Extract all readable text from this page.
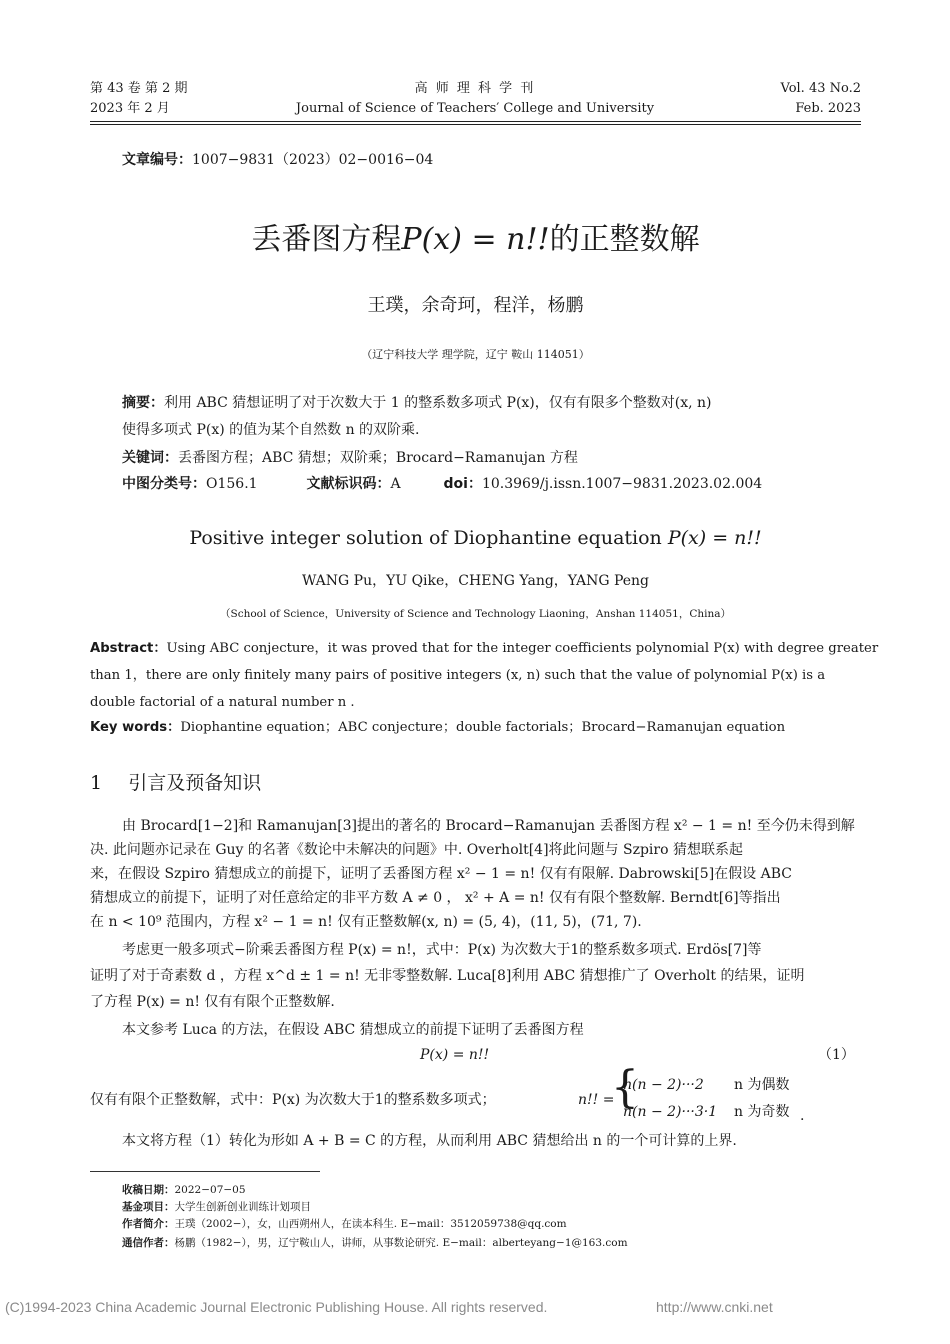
第 43 卷 第 2 期
2023 年 2 月
高 师 理 科 学 刊
Journal of Science of Teachers′ College and University
Vol. 43 No.2
Feb. 2023
文章编号：1007−9831（2023）02−0016−04
丢番图方程P(x) = n!!的正整数解
王璞，余奇珂，程洋，杨鹏
（辽宁科技大学 理学院，辽宁 鞍山 114051）
摘要：利用 ABC 猜想证明了对于次数大于 1 的整系数多项式 P(x)，仅有有限多个整数对(x, n)
使得多项式 P(x) 的值为某个自然数 n 的双阶乘.
关键词：丢番图方程；ABC 猜想；双阶乘；Brocard−Ramanujan 方程
中图分类号：O156.1	文献标识码：A	doi：10.3969/j.issn.1007−9831.2023.02.004
Positive integer solution of Diophantine equation P(x) = n!!
WANG Pu，YU Qike，CHENG Yang，YANG Peng
（School of Science，University of Science and Technology Liaoning，Anshan 114051，China）
Abstract：Using ABC conjecture，it was proved that for the integer coefficients polynomial P(x) with degree greater
than 1，there are only finitely many pairs of positive integers (x, n) such that the value of polynomial P(x) is a
double factorial of a natural number n .
Key words：Diophantine equation；ABC conjecture；double factorials；Brocard−Ramanujan equation
1 引言及预备知识
由 Brocard[1−2]和 Ramanujan[3]提出的著名的 Brocard−Ramanujan 丢番图方程 x² − 1 = n! 至今仍未得到解
决. 此问题亦记录在 Guy 的名著《数论中未解决的问题》中. Overholt[4]将此问题与 Szpiro 猜想联系起
来，在假设 Szpiro 猜想成立的前提下，证明了丢番图方程 x² − 1 = n! 仅有有限解. Dabrowski[5]在假设 ABC
猜想成立的前提下，证明了对任意给定的非平方数 A ≠ 0 ， x² + A = n! 仅有有限个整数解. Berndt[6]等指出
在 n < 10⁹ 范围内，方程 x² − 1 = n! 仅有正整数解(x, n) = (5, 4)，(11, 5)，(71, 7).
考虑更一般多项式−阶乘丢番图方程 P(x) = n!，式中：P(x) 为次数大于1的整系数多项式. Erdös[7]等
证明了对于奇素数 d ，方程 x^d ± 1 = n! 无非零整数解. Luca[8]利用 ABC 猜想推广了 Overholt 的结果，证明
了方程 P(x) = n! 仅有有限个正整数解.
本文参考 Luca 的方法，在假设 ABC 猜想成立的前提下证明了丢番图方程
P(x) = n!!	（1）
仅有有限个正整数解，式中：P(x) 为次数大于1的整系数多项式；	n!! =
{
n(n − 2)···2 n 为偶数
n(n − 2)···3·1 n 为奇数 .
本文将方程（1）转化为形如 A + B = C 的方程，从而利用 ABC 猜想给出 n 的一个可计算的上界.
收稿日期：2022−07−05
基金项目：大学生创新创业训练计划项目
作者简介：王璞（2002−），女，山西朔州人，在读本科生. E−mail：3512059738@qq.com
通信作者：杨鹏（1982−），男，辽宁鞍山人，讲师，从事数论研究. E−mail：alberteyang−1@163.com
(C)1994-2023 China Academic Journal Electronic Publishing House. All rights reserved.	http://www.cnki.net
